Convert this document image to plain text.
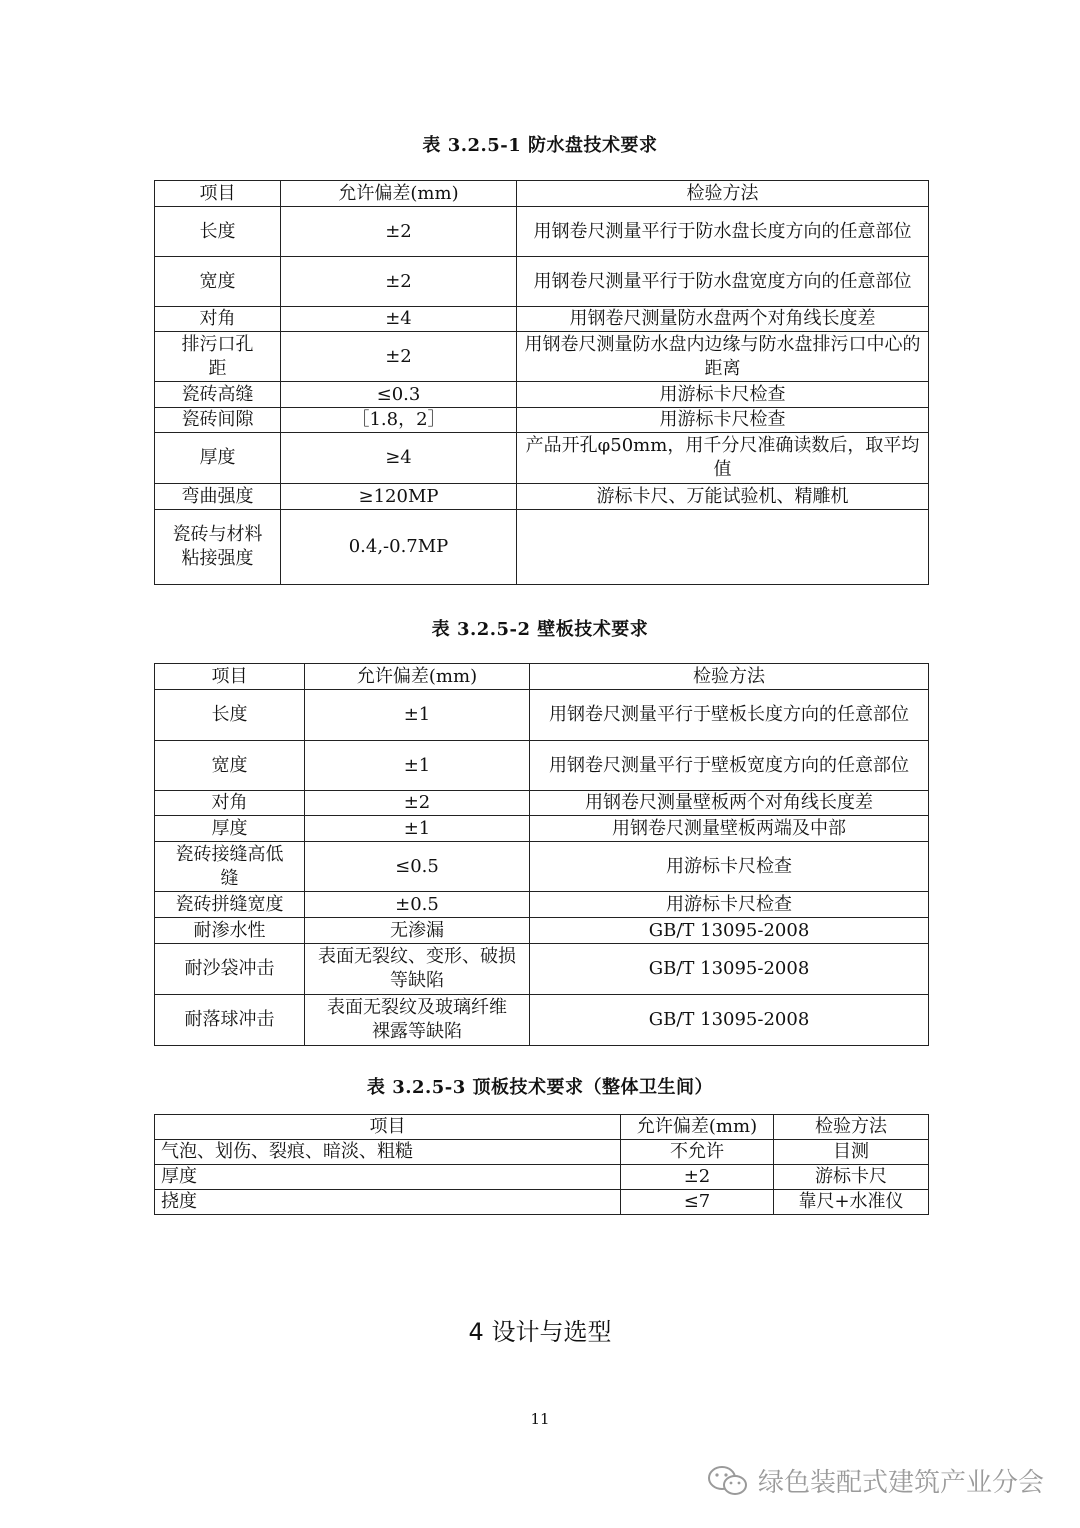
表 3.2.5-1 防水盘技术要求
项目	允许偏差(mm)	检验方法
长度	±2	用钢卷尺测量平行于防水盘长度方向的任意部位
宽度	±2	用钢卷尺测量平行于防水盘宽度方向的任意部位
对角	±4	用钢卷尺测量防水盘两个对角线长度差
排污口孔距	±2	用钢卷尺测量防水盘内边缘与防水盘排污口中心的距离
瓷砖高缝	≤0.3	用游标卡尺检查
瓷砖间隙	［1.8，2］	用游标卡尺检查
厚度	≥4	产品开孔φ50mm，用千分尺准确读数后，取平均值
弯曲强度	≥120MP	游标卡尺、万能试验机、精雕机
瓷砖与材料粘接强度	0.4,-0.7MP	
表 3.2.5-2 壁板技术要求
项目	允许偏差(mm)	检验方法
长度	±1	用钢卷尺测量平行于壁板长度方向的任意部位
宽度	±1	用钢卷尺测量平行于壁板宽度方向的任意部位
对角	±2	用钢卷尺测量壁板两个对角线长度差
厚度	±1	用钢卷尺测量壁板两端及中部
瓷砖接缝高低缝	≤0.5	用游标卡尺检查
瓷砖拼缝宽度	±0.5	用游标卡尺检查
耐渗水性	无渗漏	GB/T 13095-2008
耐沙袋冲击	表面无裂纹、变形、破损等缺陷	GB/T 13095-2008
耐落球冲击	表面无裂纹及玻璃纤维裸露等缺陷	GB/T 13095-2008
表 3.2.5-3 顶板技术要求（整体卫生间）
项目	允许偏差(mm)	检验方法
气泡、划伤、裂痕、暗淡、粗糙	不允许	目测
厚度	±2	游标卡尺
挠度	≤7	靠尺+水准仪
4 设计与选型
11
绿色装配式建筑产业分会
